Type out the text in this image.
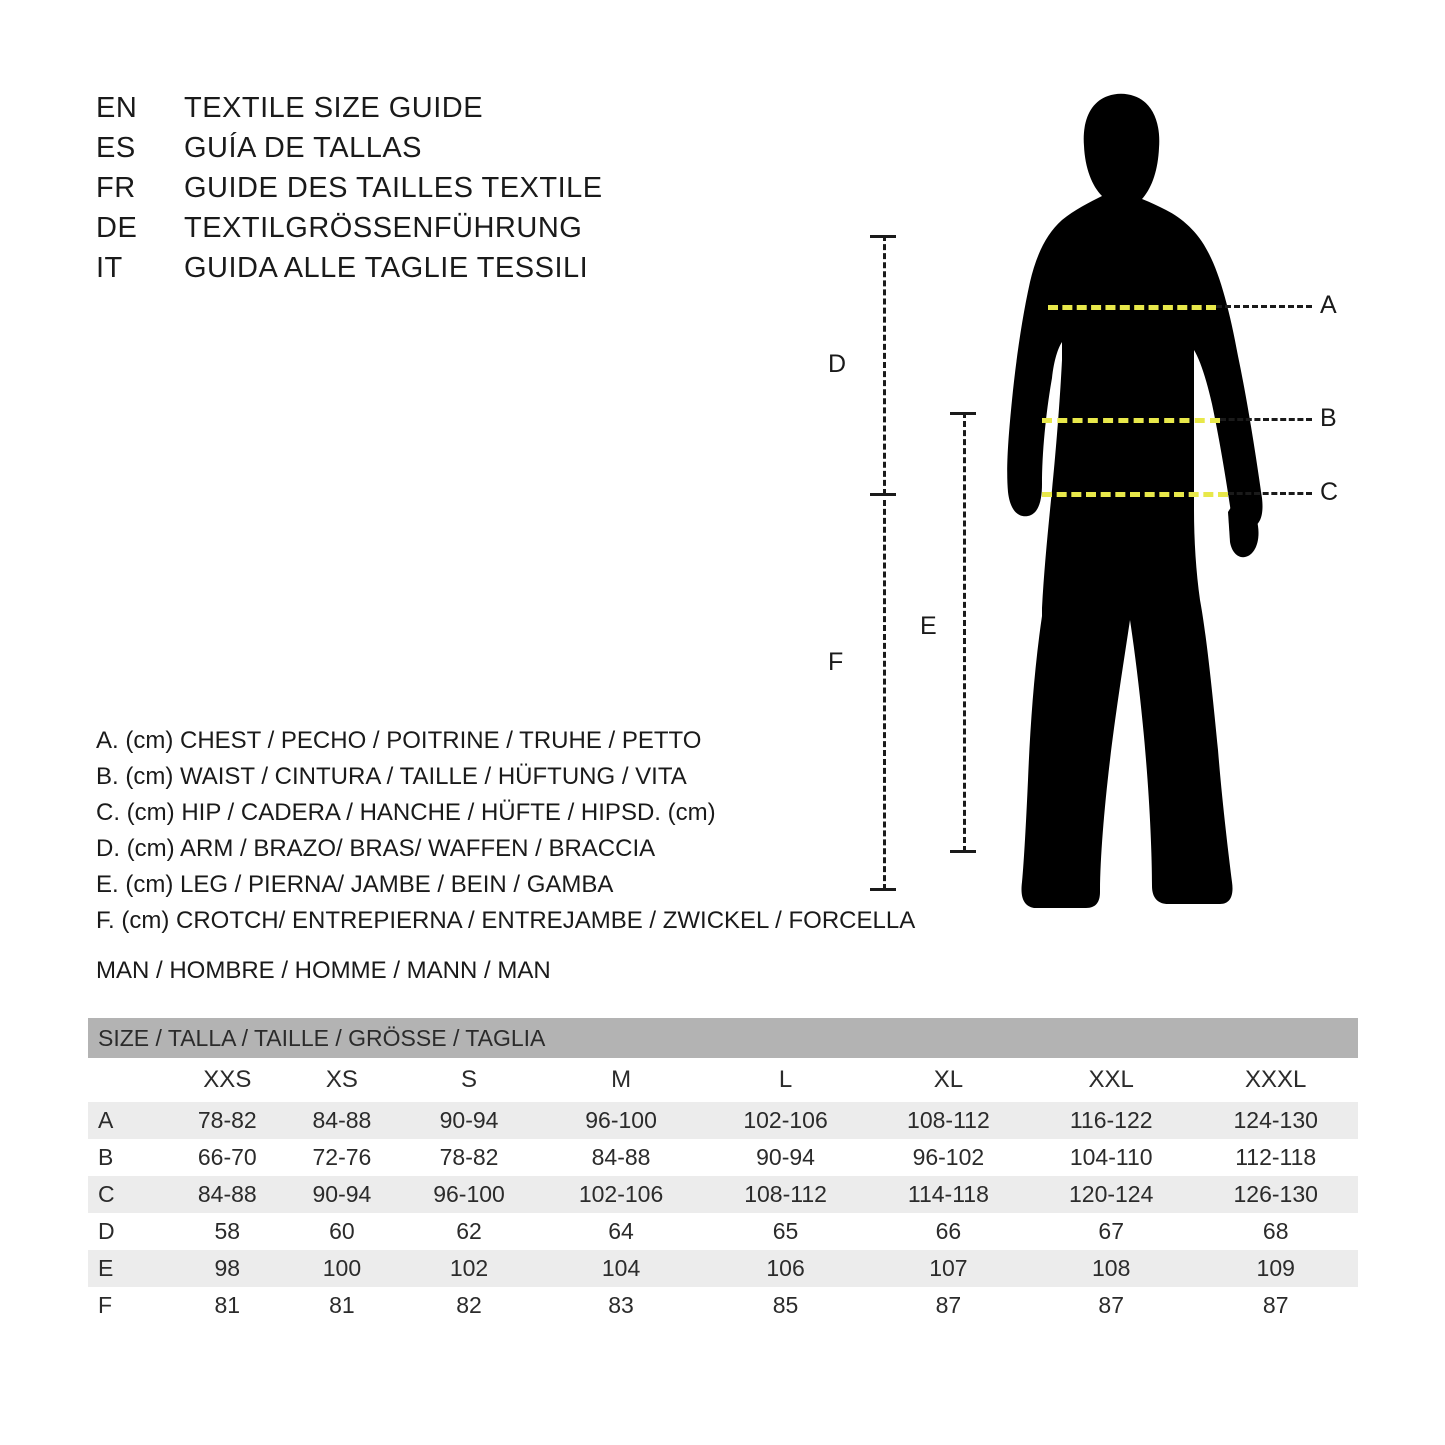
EN	TEXTILE SIZE GUIDE
ES	GUÍA DE TALLAS
FR	GUIDE DES TAILLES TEXTILE
DE	TEXTILGRÖSSENFÜHRUNG
IT	GUIDA ALLE TAGLIE TESSILI
A
B
C
D
F
E
A. (cm) CHEST / PECHO / POITRINE / TRUHE / PETTO
B. (cm) WAIST / CINTURA / TAILLE / HÜFTUNG / VITA
C. (cm) HIP / CADERA / HANCHE / HÜFTE / HIPSD. (cm)
D. (cm) ARM / BRAZO/ BRAS/ WAFFEN / BRACCIA
E. (cm) LEG / PIERNA/ JAMBE / BEIN / GAMBA
F. (cm) CROTCH/ ENTREPIERNA / ENTREJAMBE / ZWICKEL / FORCELLA
MAN / HOMBRE / HOMME / MANN / MAN
SIZE / TALLA / TAILLE / GRÖSSE / TAGLIA								
	XXS	XS	S	M	L	XL	XXL	XXXL
A	78-82	84-88	90-94	96-100	102-106	108-112	116-122	124-130
B	66-70	72-76	78-82	84-88	90-94	96-102	104-110	112-118
C	84-88	90-94	96-100	102-106	108-112	114-118	120-124	126-130
D	58	60	62	64	65	66	67	68
E	98	100	102	104	106	107	108	109
F	81	81	82	83	85	87	87	87
